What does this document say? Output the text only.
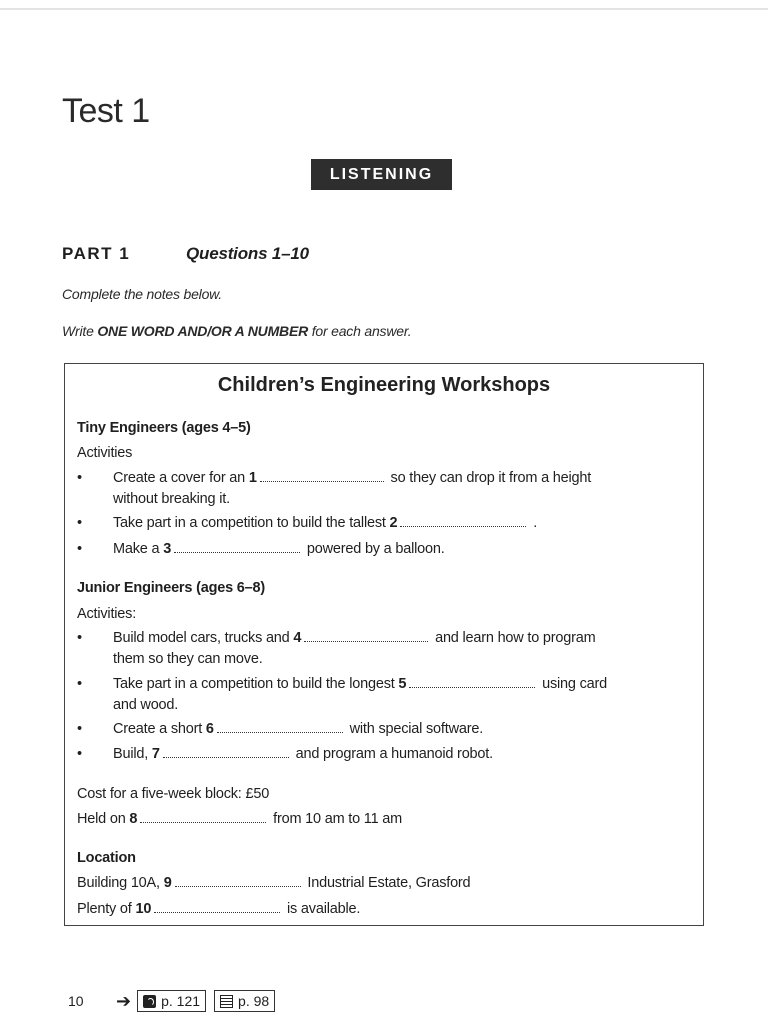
Test 1
LISTENING
PART 1	Questions 1–10
Complete the notes below.
Write ONE WORD AND/OR A NUMBER for each answer.
Children’s Engineering Workshops
Tiny Engineers (ages 4–5)
Activities
• Create a cover for an 1	so they can drop it from a height
without breaking it.
• Take part in a competition to build the tallest 2	.
• Make a 3	powered by a balloon.
Junior Engineers (ages 6–8)
Activities:
• Build model cars, trucks and 4	and learn how to program
them so they can move.
• Take part in a competition to build the longest 5	using card
and wood.
• Create a short 6	with special software.
• Build, 7	and program a humanoid robot.
Cost for a five-week block: £50
Held on 8	from 10 am to 11 am
Location
Building 10A, 9	Industrial Estate, Grasford
Plenty of 10	is available.
10	➔ p. 121	p. 98
